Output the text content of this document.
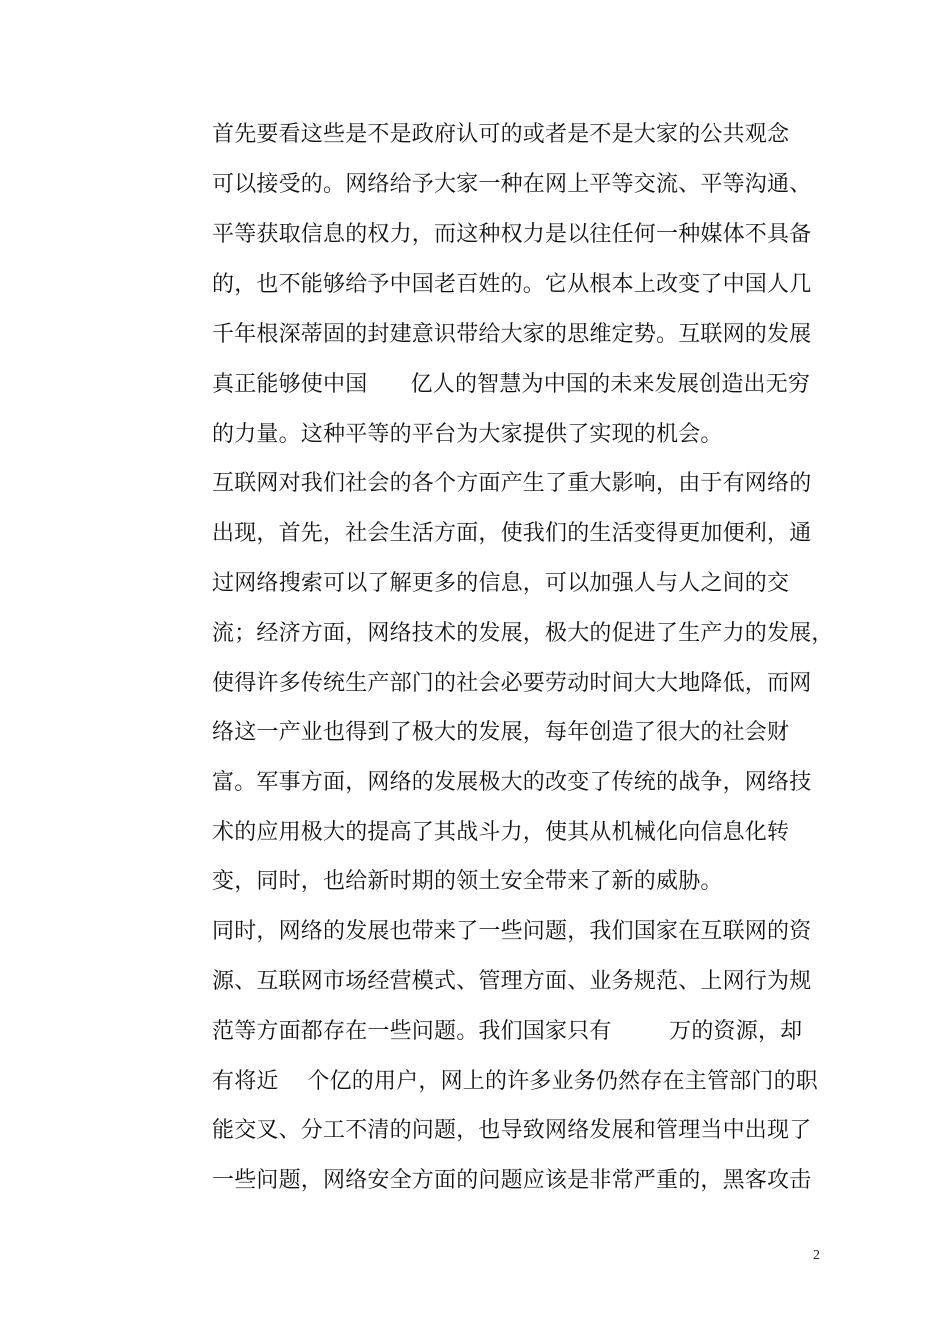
首先要看这些是不是政府认可的或者是不是大家的公共观念
可以接受的。网络给予大家一种在网上平等交流、平等沟通、
平等获取信息的权力，而这种权力是以往任何一种媒体不具备
的，也不能够给予中国老百姓的。它从根本上改变了中国人几
千年根深蒂固的封建意识带给大家的思维定势。互联网的发展
真正能够使中国      亿人的智慧为中国的未来发展创造出无穷
的力量。这种平等的平台为大家提供了实现的机会。
互联网对我们社会的各个方面产生了重大影响，由于有网络的
出现，首先，社会生活方面，使我们的生活变得更加便利，通
过网络搜索可以了解更多的信息，可以加强人与人之间的交
流；经济方面，网络技术的发展，极大的促进了生产力的发展，
使得许多传统生产部门的社会必要劳动时间大大地降低，而网
络这一产业也得到了极大的发展，每年创造了很大的社会财
富。军事方面，网络的发展极大的改变了传统的战争，网络技
术的应用极大的提高了其战斗力，使其从机械化向信息化转
变，同时，也给新时期的领土安全带来了新的威胁。
同时，网络的发展也带来了一些问题，我们国家在互联网的资
源、互联网市场经营模式、管理方面、业务规范、上网行为规
范等方面都存在一些问题。我们国家只有        万的资源，却
有将近    个亿的用户，网上的许多业务仍然存在主管部门的职
能交叉、分工不清的问题，也导致网络发展和管理当中出现了
一些问题，网络安全方面的问题应该是非常严重的，黑客攻击
2
